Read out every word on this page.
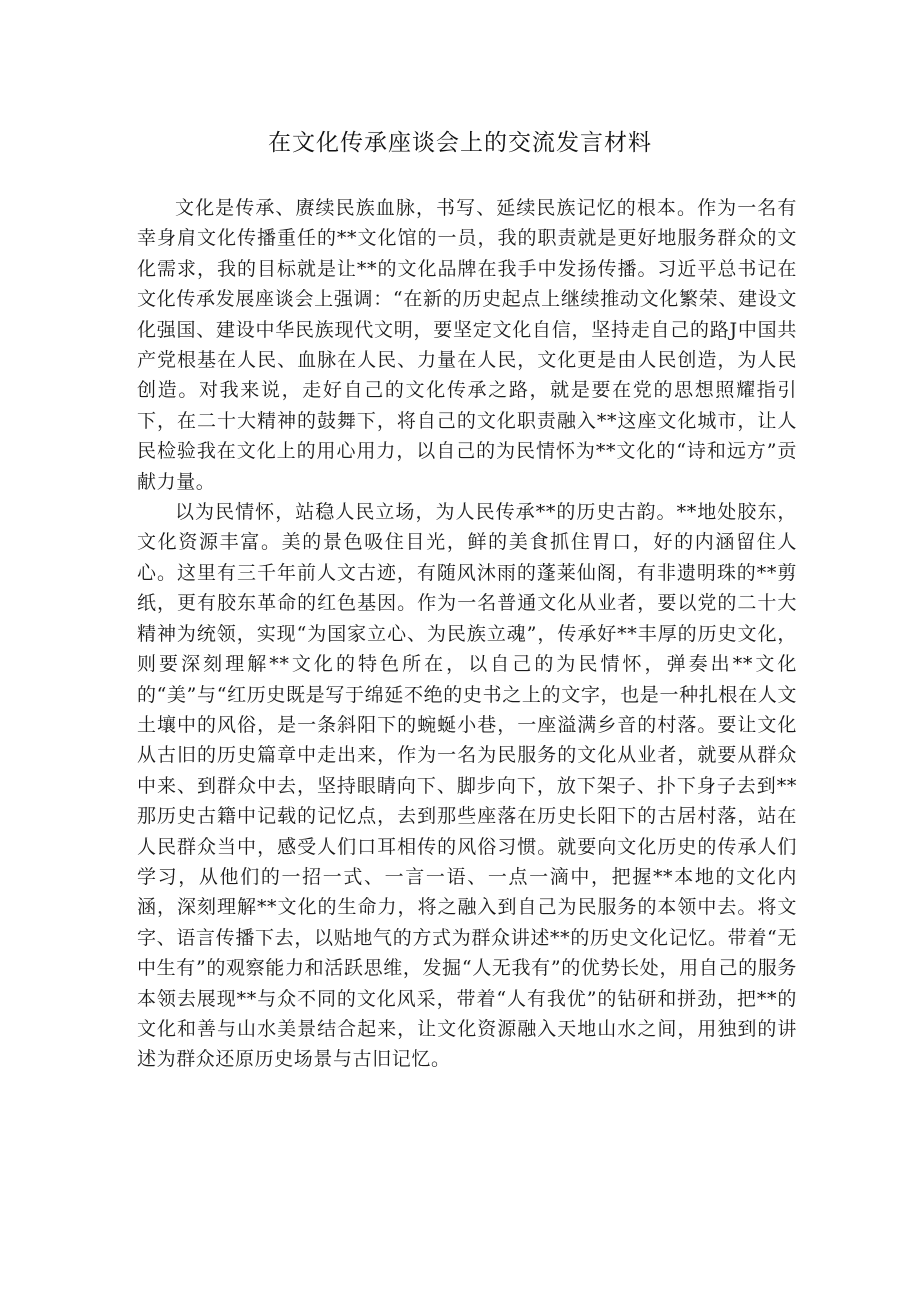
在文化传承座谈会上的交流发言材料

文化是传承、赓续民族血脉，书写、延续民族记忆的根本。作为一名有幸身肩文化传播重任的**文化馆的一员，我的职责就是更好地服务群众的文化需求，我的目标就是让**的文化品牌在我手中发扬传播。习近平总书记在文化传承发展座谈会上强调：“在新的历史起点上继续推动文化繁荣、建设文化强国、建设中华民族现代文明，要坚定文化自信，坚持走自己的路J中国共产党根基在人民、血脉在人民、力量在人民，文化更是由人民创造，为人民创造。对我来说，走好自己的文化传承之路，就是要在党的思想照耀指引下，在二十大精神的鼓舞下，将自己的文化职责融入**这座文化城市，让人民检验我在文化上的用心用力，以自己的为民情怀为**文化的“诗和远方”贡献力量。

以为民情怀，站稳人民立场，为人民传承**的历史古韵。**地处胶东，文化资源丰富。美的景色吸住目光，鲜的美食抓住胃口，好的内涵留住人心。这里有三千年前人文古迹，有随风沐雨的蓬莱仙阁，有非遗明珠的**剪纸，更有胶东革命的红色基因。作为一名普通文化从业者，要以党的二十大精神为统领，实现“为国家立心、为民族立魂”，传承好**丰厚的历史文化，则要深刻理解**文化的特色所在，以自己的为民情怀，弹奏出**文化的“美”与“红历史既是写于绵延不绝的史书之上的文字，也是一种扎根在人文土壤中的风俗，是一条斜阳下的蜿蜒小巷，一座溢满乡音的村落。要让文化从古旧的历史篇章中走出来，作为一名为民服务的文化从业者，就要从群众中来、到群众中去，坚持眼睛向下、脚步向下，放下架子、扑下身子去到**那历史古籍中记载的记忆点，去到那些座落在历史长阳下的古居村落，站在人民群众当中，感受人们口耳相传的风俗习惯。就要向文化历史的传承人们学习，从他们的一招一式、一言一语、一点一滴中，把握**本地的文化内涵，深刻理解**文化的生命力，将之融入到自己为民服务的本领中去。将文字、语言传播下去，以贴地气的方式为群众讲述**的历史文化记忆。带着“无中生有”的观察能力和活跃思维，发掘“人无我有”的优势长处，用自己的服务本领去展现**与众不同的文化风采，带着“人有我优”的钻研和拼劲，把**的文化和善与山水美景结合起来，让文化资源融入天地山水之间，用独到的讲述为群众还原历史场景与古旧记忆。
